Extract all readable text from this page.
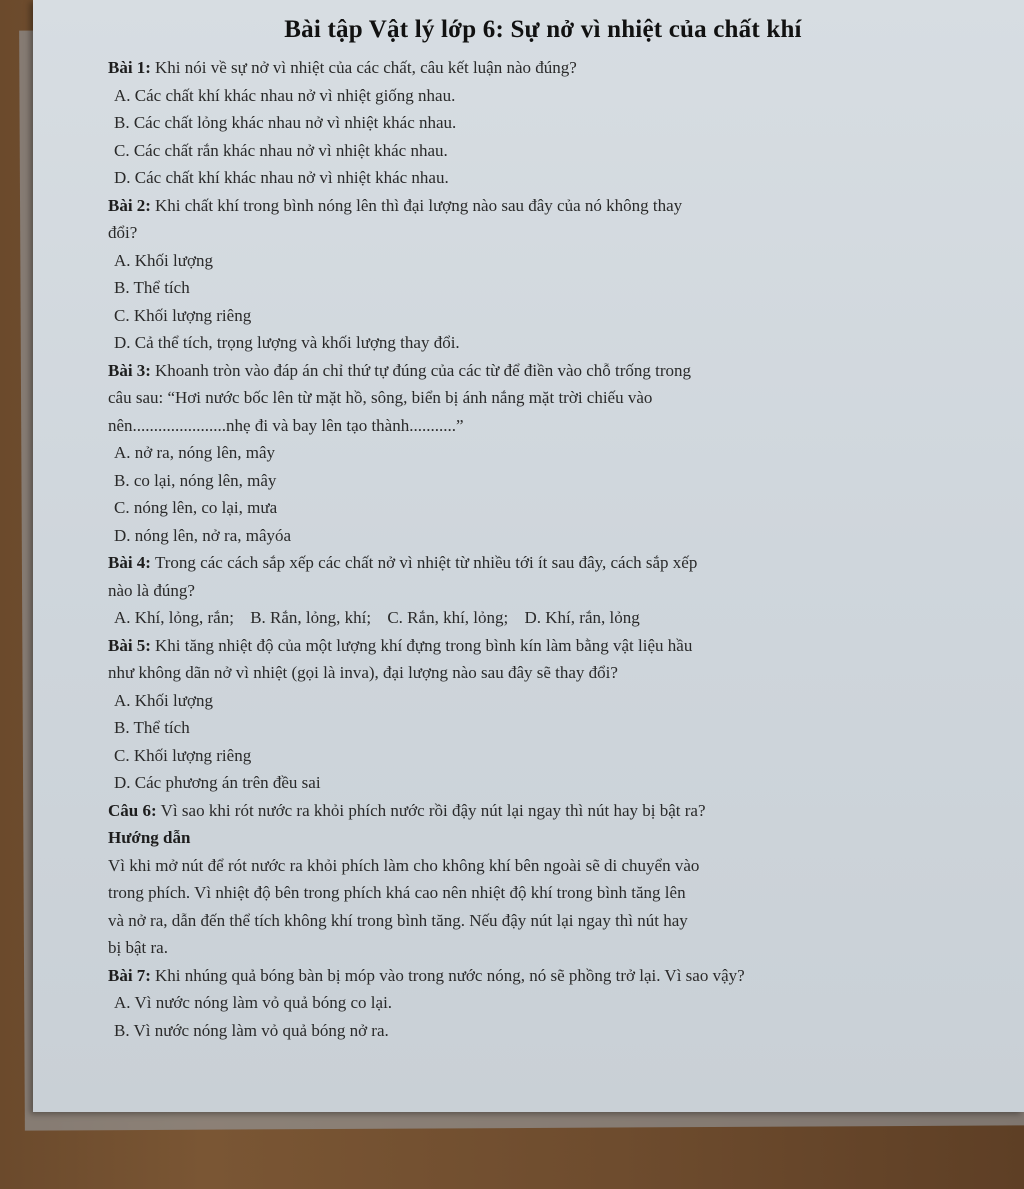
Bài tập Vật lý lớp 6: Sự nở vì nhiệt của chất khí
Bài 1: Khi nói về sự nở vì nhiệt của các chất, câu kết luận nào đúng?
A. Các chất khí khác nhau nở vì nhiệt giống nhau.
B. Các chất lỏng khác nhau nở vì nhiệt khác nhau.
C. Các chất rắn khác nhau nở vì nhiệt khác nhau.
D. Các chất khí khác nhau nở vì nhiệt khác nhau.
Bài 2: Khi chất khí trong bình nóng lên thì đại lượng nào sau đây của nó không thay
đổi?
A. Khối lượng
B. Thể tích
C. Khối lượng riêng
D. Cả thể tích, trọng lượng và khối lượng thay đổi.
Bài 3: Khoanh tròn vào đáp án chỉ thứ tự đúng của các từ để điền vào chỗ trống trong
câu sau: “Hơi nước bốc lên từ mặt hồ, sông, biển bị ánh nắng mặt trời chiếu vào
nên......................nhẹ đi và bay lên tạo thành...........”
A. nở ra, nóng lên, mây
B. co lại, nóng lên, mây
C. nóng lên, co lại, mưa
D. nóng lên, nở ra, mâyóa
Bài 4: Trong các cách sắp xếp các chất nở vì nhiệt từ nhiều tới ít sau đây, cách sắp xếp
nào là đúng?
A. Khí, lỏng, rắn; B. Rắn, lỏng, khí; C. Rắn, khí, lỏng; D. Khí, rắn, lỏng
Bài 5: Khi tăng nhiệt độ của một lượng khí đựng trong bình kín làm bằng vật liệu hầu
như không dãn nở vì nhiệt (gọi là inva), đại lượng nào sau đây sẽ thay đổi?
A. Khối lượng
B. Thể tích
C. Khối lượng riêng
D. Các phương án trên đều sai
Câu 6: Vì sao khi rót nước ra khỏi phích nước rồi đậy nút lại ngay thì nút hay bị bật ra?
Hướng dẫn
Vì khi mở nút để rót nước ra khỏi phích làm cho không khí bên ngoài sẽ di chuyển vào
trong phích. Vì nhiệt độ bên trong phích khá cao nên nhiệt độ khí trong bình tăng lên
và nở ra, dẫn đến thể tích không khí trong bình tăng. Nếu đậy nút lại ngay thì nút hay
bị bật ra.
Bài 7: Khi nhúng quả bóng bàn bị móp vào trong nước nóng, nó sẽ phồng trở lại. Vì sao vậy?
A. Vì nước nóng làm vỏ quả bóng co lại.
B. Vì nước nóng làm vỏ quả bóng nở ra.
